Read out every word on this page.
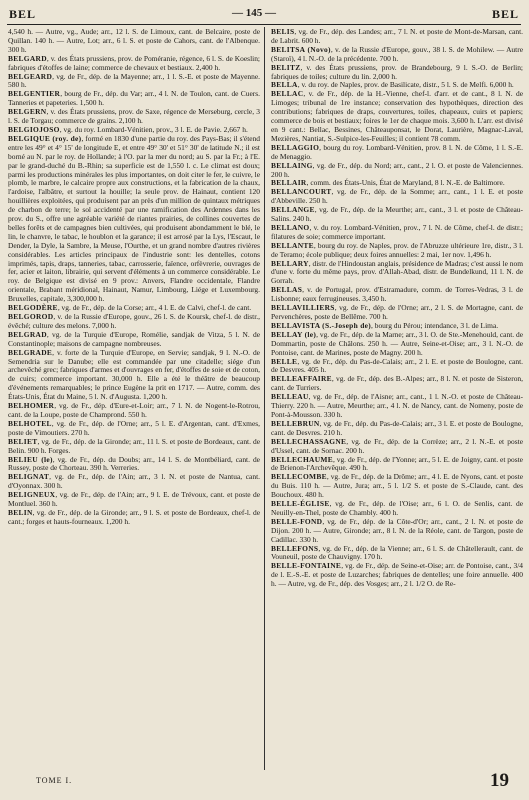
BEL	— 145 —	BEL

4,540 h. — Autre, vg., Aude; arr., 12 l. S. de Limoux, cant. de Belcaire, poste de Quillan. 140 h. — Autre, Lot; arr., 6 l. S. et poste de Cahors, cant. de l'Albenque. 300 h.

BELGARD, v. des États prussiens, prov. de Poméranie, régence, 6 l. S. de Koeslin; fabriques d'étoffes de laine; commerce de chevaux et bestiaux. 2,400 h.

BELGEARD, vg. de Fr., dép. de la Mayenne; arr., 1 l. S.-E. et poste de Mayenne. 580 h.

BELGENTIER, bourg de Fr., dép. du Var; arr., 4 l. N. de Toulon, cant. de Cuers. Tanneries et papeteries. 1,500 h.

BELGERN, v. des États prussiens, prov. de Saxe, régence de Merseburg, cercle, 3 l. S. de Torgau; commerce de grains. 2,100 h.

BELGIOJOSO, vg. du roy. Lombard-Vénitien, prov., 3 l. E. de Pavie. 2,667 h.

BELGIQUE (roy. de), formé en 1830 d'une partie du roy. des Pays-Bas; il s'étend entre les 49° et 4° 15' de longitude E, et entre 49° 30' et 51° 30' de latitude N.; il est borné au N. par le roy. de Hollande; à l'O. par la mer du nord; au S. par la Fr.; à l'E. par le grand-duché du B.-Rhin; sa superficie est de 1,550 l. c. Le climat est doux; parmi les productions minérales les plus importantes, on doit citer le fer, le cuivre, le plomb, le marbre, le calcaire propre aux constructions, et la fabrication de la chaux, l'ardoise, l'albâtre, et surtout la houille; la seule prov. de Hainaut, contient 120 houillières exploitées, qui produisent par an près d'un million de quintaux métriques de charbon de terre; le sol accidenté par une ramification des Ardennes dans les prov. du S., offre une agréable variété de riantes prairies, de collines couvertes de belles forêts et de campagnes bien cultivées, qui produisent abondamment le blé, le lin, le chanvre, le tabac, le houblon et la garance; il est arrosé par la Lys, l'Escaut, le Dender, la Dyle, la Sambre, la Meuse, l'Ourthe, et un grand nombre d'autres rivières considérables. Les articles principaux de l'industrie sont: les dentelles, cotons imprimés, tapis, draps, tanneries, tabac, carrosserie, faïence, orfèvrerie, ouvrages de fer, acier et laiton, librairie, qui servent d'éléments à un commerce considérable. Le roy. de Belgique est divisé en 9 prov.: Anvers, Flandre occidentale, Flandre orientale, Brabant méridional, Hainaut, Namur, Limbourg, Liége et Luxembourg. Bruxelles, capitale, 3,300,000 h.

BELGODÈRE, vg. de Fr., dép. de la Corse; arr., 4 l. E. de Calvi, chef-l. de cant.

BELGOROD, v. de la Russie d'Europe, gouv., 26 l. S. de Koursk, chef-l. de distr., évêché; culture des melons. 7,000 h.

BELGRAD, vg. de la Turquie d'Europe, Romélie, sandjak de Vitza, 5 l. N. de Constantinople; maisons de campagne nombreuses.

BELGRADE, v. forte de la Turquie d'Europe, en Servie; sandjak, 9 l. N.-O. de Semendria sur le Danube; elle est commandée par une citadelle; siége d'un archevêché grec; fabriques d'armes et d'ouvrages en fer, d'étoffes de soie et de coton, de cuirs; commerce important. 30,000 h. Elle a été le théâtre de beaucoup d'événements remarquables; le prince Eugène la prit en 1717. — Autre, comm. des États-Unis, État du Maine, 5 l. N. d'Augusta. 1,200 h.

BELHOMER, vg. de Fr., dép. d'Eure-et-Loir; arr., 7 l. N. de Nogent-le-Rotrou, cant. de la Loupe, poste de Champrond. 550 h.

BELHOTEL, vg. de Fr., dép. de l'Orne; arr., 5 l. E. d'Argentan, cant. d'Exmes, poste de Vimoutiers. 270 h.

BELIET, vg. de Fr., dép. de la Gironde; arr., 11 l. S. et poste de Bordeaux, cant. de Belin. 900 h. Forges.

BELIEU (le), vg. de Fr., dép. du Doubs; arr., 14 l. S. de Montbéliard, cant. de Russey, poste de Chorteau. 390 h. Verreries.

BELIGNAT, vg. de Fr., dép. de l'Ain; arr., 3 l. N. et poste de Nantua, cant. d'Oyonnax. 300 h.

BELIGNEUX, vg. de Fr., dép. de l'Ain; arr., 9 l. E. de Trévoux, cant. et poste de Montluel. 360 h.

BELIN, vg. de Fr., dép. de la Gironde; arr., 9 l. S. et poste de Bordeaux, chef-l. de cant.; forges et hauts-fourneaux. 1,200 h.

BELIS, vg. de Fr., dép. des Landes; arr., 7 l. N. et poste de Mont-de-Marsan, cant. de Labrit. 600 h.

BELITSA (Novo), v. de la Russie d'Europe, gouv., 38 l. S. de Mohilew. — Autre (Staroï), 4 l. N.-O. de la précédente. 700 h.

BELITZ, v. des États prussiens, prov. de Brandebourg, 9 l. S.-O. de Berlin; fabriques de toiles; culture du lin. 2,000 h.

BELLA, v. du roy. de Naples, prov. de Basilicate, distr., 5 l. S. de Melfi. 6,000 h.

BELLAC, v. de Fr., dép. de la H.-Vienne, chef-l. d'arr. et de cant., 8 l. N. de Limoges; tribunal de 1re instance; conservation des hypothèques, direction des contributions; fabriques de draps, couvertures, toiles, chapeaux, cuirs et papiers; commerce de bois et bestiaux; foires le 1er de chaque mois. 3,600 h. L'arr. est divisé en 9 cant.: Bellac, Bessines, Châteauponsat, le Dorat, Laurière, Magnac-Laval, Mezières, Nantiat, S.-Sulpice-les-Feuilles; il contient 78 comm.

BELLAGGIO, bourg du roy. Lombard-Vénitien, prov. 8 l. N. de Côme, 1 l. S.-E. de Menaggio.

BELLAING, vg. de Fr., dép. du Nord; arr., cant., 2 l. O. et poste de Valenciennes. 200 h.

BELLAIR, comm. des États-Unis, État de Maryland, 8 l. N.-E. de Baltimore.

BELLANCOURT, vg. de Fr., dép. de la Somme; arr., cant., 1 l. E. et poste d'Abbeville. 250 h.

BELLANGE, vg. de Fr., dép. de la Meurthe; arr., cant., 3 l. et poste de Château-Salins. 240 h.

BELLANO, v. du roy. Lombard-Vénitien, prov., 7 l. N. de Côme, chef-l. de distr.; filatures de soie; commerce important.

BELLANTE, bourg du roy. de Naples, prov. de l'Abruzze ultérieure 1re, distr., 3 l. de Teramo; école publique; deux foires annuelles: 2 mai, 1er nov. 1,496 h.

BELLARY, distr. de l'Hindoustan anglais, présidence de Madras; c'est aussi le nom d'une v. forte du même pays, prov. d'Allah-Abad, distr. de Bundelkund, 11 l. N. de Gorrah.

BELLAS, v. de Portugal, prov. d'Estramadure, comm. de Torres-Vedras, 3 l. de Lisbonne; eaux ferrugineuses. 3,450 h.

BELLAVILLIERS, vg. de Fr., dép. de l'Orne; arr., 2 l. S. de Mortagne, cant. de Pervenchères, poste de Bellême. 700 h.

BELLAVISTA (S.-Joseph de), bourg du Pérou; intendance, 3 l. de Lima.

BELLAY (le), vg. de Fr., dép. de la Marne; arr., 3 l. O. de Ste.-Menehould, cant. de Dommartin, poste de Châlons. 250 h. — Autre, Seine-et-Oise; arr., 3 l. N.-O. de Pontoise, cant. de Marines, poste de Magny. 200 h.

BELLE, vg. de Fr., dép. du Pas-de-Calais; arr., 2 l. E. et poste de Boulogne, cant. de Desvres. 405 h.

BELLEAFFAIRE, vg. de Fr., dép. des B.-Alpes; arr., 8 l. N. et poste de Sisteron, cant. de Turriers.

BELLEAU, vg. de Fr., dép. de l'Aisne; arr., cant., 1 l. N.-O. et poste de Château-Thierry. 220 h. — Autre, Meurthe; arr., 4 l. N. de Nancy, cant. de Nomeny, poste de Pont-à-Mousson. 330 h.

BELLEBRUN, vg. de Fr., dép. du Pas-de-Calais; arr., 3 l. E. et poste de Boulogne, cant. de Desvres. 210 h.

BELLECHASSAGNE, vg. de Fr., dép. de la Corrèze; arr., 2 l. N.-E. et poste d'Ussel, cant. de Sornac. 200 h.

BELLECHAUME, vg. de Fr., dép. de l'Yonne; arr., 5 l. E. de Joigny, cant. et poste de Brienon-l'Archevêque. 490 h.

BELLECOMBE, vg. de Fr., dép. de la Drôme; arr., 4 l. E. de Nyons, cant. et poste du Buis. 110 h. — Autre, Jura; arr., 5 l. 1/2 S. et poste de S.-Claude, cant. des Bouchoux. 480 h.

BELLE-ÉGLISE, vg. de Fr., dép. de l'Oise; arr., 6 l. O. de Senlis, cant. de Neuilly-en-Thel, poste de Chambly. 400 h.

BELLE-FOND, vg. de Fr., dép. de la Côte-d'Or; arr., cant., 2 l. N. et poste de Dijon. 200 h. — Autre, Gironde; arr., 8 l. N. de la Réole, cant. de Targon, poste de Cadillac. 330 h.

BELLEFONS, vg. de Fr., dép. de la Vienne; arr., 6 l. S. de Châtellerault, cant. de Vouneuil, poste de Chauvigny. 170 h.

BELLE-FONTAINE, vg. de Fr., dép. de Seine-et-Oise; arr. de Pontoise, cant., 3/4 de l. E.-S.-E. et poste de Luzarches; fabriques de dentelles; une foire annuelle. 400 h. — Autre, vg. de Fr., dép. des Vosges; arr., 2 l. 1/2 O. de Re-

TOME I.	19
